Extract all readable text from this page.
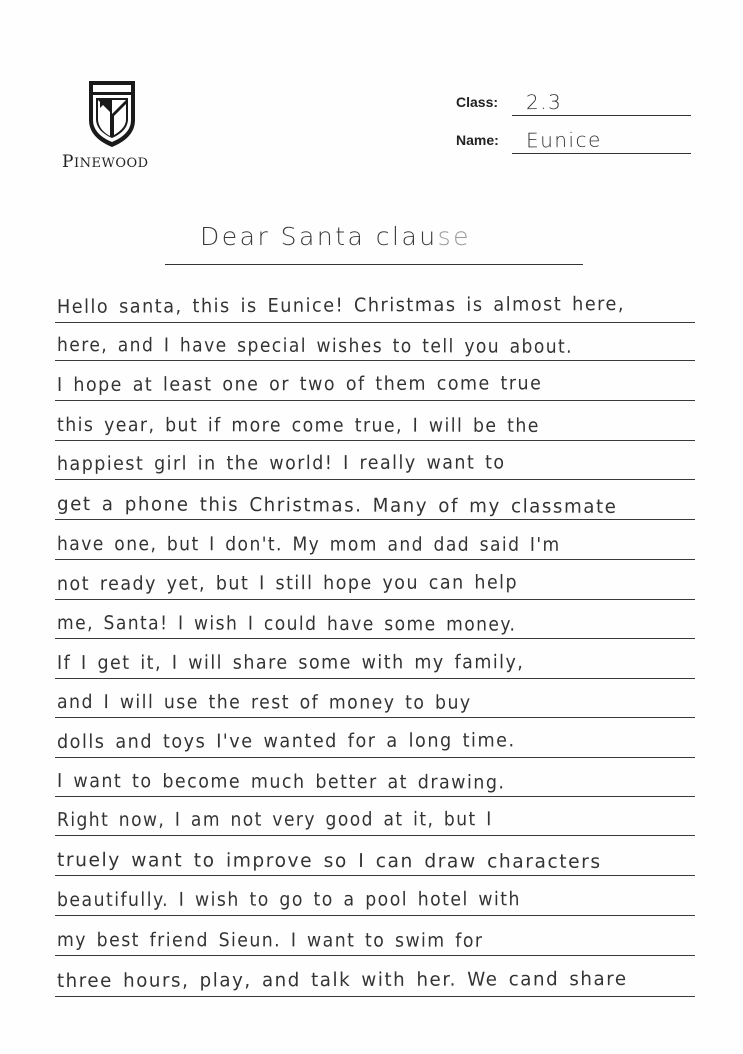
PINEWOOD
Class: 2.3
Name: Eunice
Dear Santa clause
Hello santa, this is Eunice! Christmas is almost here,
here, and I have special wishes to tell you about.
I hope at least one or two of them come true
this year, but if more come true, I will be the
happiest girl in the world! I really want to
get a phone this Christmas. Many of my classmate
have one, but I don't. My mom and dad said I'm
not ready yet, but I still hope you can help
me, Santa! I wish I could have some money.
If I get it, I will share some with my family,
and I will use the rest of money to buy
dolls and toys I've wanted for a long time.
I want to become much better at drawing.
Right now, I am not very good at it, but I
truely want to improve so I can draw characters
beautifully. I wish to go to a pool hotel with
my best friend Sieun. I want to swim for
three hours, play, and talk with her. We cand share
